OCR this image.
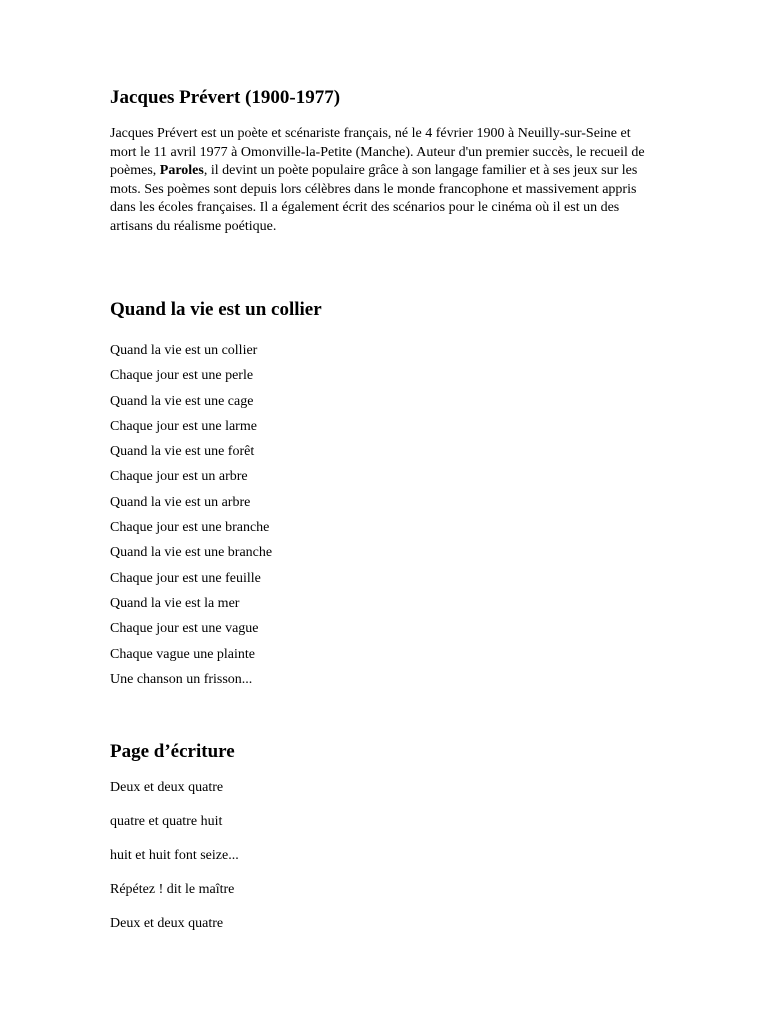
Jacques Prévert (1900-1977)

Jacques Prévert est un poète et scénariste français, né le 4 février 1900 à Neuilly-sur-Seine et mort le 11 avril 1977 à Omonville-la-Petite (Manche). Auteur d'un premier succès, le recueil de poèmes, Paroles, il devint un poète populaire grâce à son langage familier et à ses jeux sur les mots. Ses poèmes sont depuis lors célèbres dans le monde francophone et massivement appris dans les écoles françaises. Il a également écrit des scénarios pour le cinéma où il est un des artisans du réalisme poétique.

Quand la vie est un collier
Quand la vie est un collier
Chaque jour est une perle
Quand la vie est une cage
Chaque jour est une larme
Quand la vie est une forêt
Chaque jour est un arbre
Quand la vie est un arbre
Chaque jour est une branche
Quand la vie est une branche
Chaque jour est une feuille
Quand la vie est la mer
Chaque jour est une vague
Chaque vague une plainte
Une chanson un frisson...
Page d’écriture
Deux et deux quatre
quatre et quatre huit
huit et huit font seize...
Répétez ! dit le maître
Deux et deux quatre
